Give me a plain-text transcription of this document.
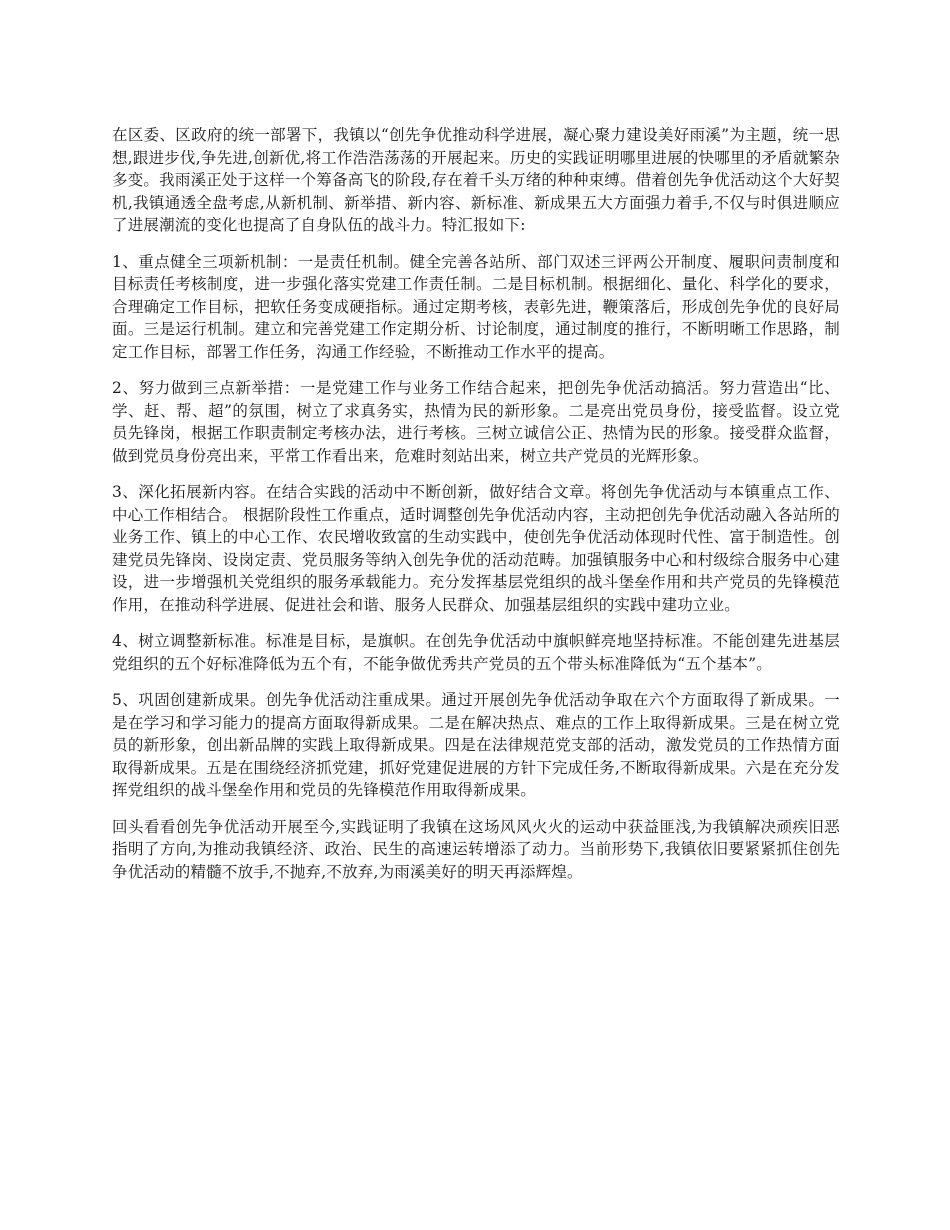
在区委、区政府的统一部署下，我镇以“创先争优推动科学进展，凝心聚力建设美好雨溪”为主题，统一思想,跟进步伐,争先进,创新优,将工作浩浩荡荡的开展起来。历史的实践证明哪里进展的快哪里的矛盾就繁杂多变。我雨溪正处于这样一个筹备高飞的阶段,存在着千头万绪的种种束缚。借着创先争优活动这个大好契机,我镇通透全盘考虑,从新机制、新举措、新内容、新标准、新成果五大方面强力着手,不仅与时俱进顺应了进展潮流的变化也提高了自身队伍的战斗力。特汇报如下:

1、重点健全三项新机制：一是责任机制。健全完善各站所、部门双述三评两公开制度、履职问责制度和目标责任考核制度，进一步强化落实党建工作责任制。二是目标机制。根据细化、量化、科学化的要求，合理确定工作目标，把软任务变成硬指标。通过定期考核，表彰先进，鞭策落后，形成创先争优的良好局面。三是运行机制。建立和完善党建工作定期分析、讨论制度，通过制度的推行，不断明晰工作思路，制定工作目标，部署工作任务，沟通工作经验，不断推动工作水平的提高。

2、努力做到三点新举措：一是党建工作与业务工作结合起来，把创先争优活动搞活。努力营造出“比、学、赶、帮、超”的氛围，树立了求真务实，热情为民的新形象。二是亮出党员身份，接受监督。设立党员先锋岗，根据工作职责制定考核办法，进行考核。三树立诚信公正、热情为民的形象。接受群众监督，做到党员身份亮出来，平常工作看出来，危难时刻站出来，树立共产党员的光辉形象。

3、深化拓展新内容。在结合实践的活动中不断创新，做好结合文章。将创先争优活动与本镇重点工作、中心工作相结合。 根据阶段性工作重点，适时调整创先争优活动内容，主动把创先争优活动融入各站所的业务工作、镇上的中心工作、农民增收致富的生动实践中，使创先争优活动体现时代性、富于制造性。创建党员先锋岗、设岗定责、党员服务等纳入创先争优的活动范畴。加强镇服务中心和村级综合服务中心建设，进一步增强机关党组织的服务承载能力。充分发挥基层党组织的战斗堡垒作用和共产党员的先锋模范作用，在推动科学进展、促进社会和谐、服务人民群众、加强基层组织的实践中建功立业。

4、树立调整新标准。标准是目标，是旗帜。在创先争优活动中旗帜鲜亮地坚持标准。不能创建先进基层党组织的五个好标准降低为五个有，不能争做优秀共产党员的五个带头标准降低为“五个基本”。

5、巩固创建新成果。创先争优活动注重成果。通过开展创先争优活动争取在六个方面取得了新成果。一是在学习和学习能力的提高方面取得新成果。二是在解决热点、难点的工作上取得新成果。三是在树立党员的新形象，创出新品牌的实践上取得新成果。四是在法律规范党支部的活动，激发党员的工作热情方面取得新成果。五是在围绕经济抓党建，抓好党建促进展的方针下完成任务,不断取得新成果。六是在充分发挥党组织的战斗堡垒作用和党员的先锋模范作用取得新成果。

回头看看创先争优活动开展至今,实践证明了我镇在这场风风火火的运动中获益匪浅,为我镇解决顽疾旧恶指明了方向,为推动我镇经济、政治、民生的高速运转增添了动力。当前形势下,我镇依旧要紧紧抓住创先争优活动的精髓不放手,不抛弃,不放弃,为雨溪美好的明天再添辉煌。
